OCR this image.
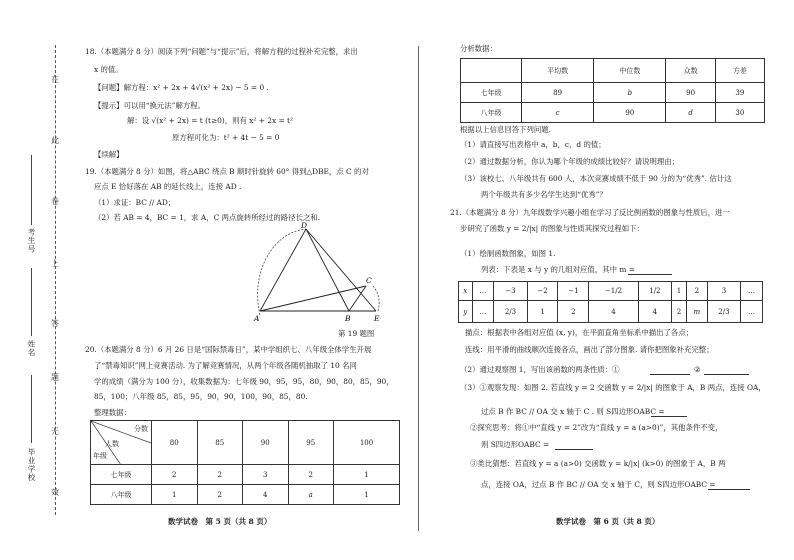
在
此
卷
上
答
题
无
效
考生号
姓名
毕业学校
18.（本题满分 8 分）阅读下列“问题”与“提示”后，将解方程的过程补充完整，求出
x 的值。
【问题】解方程：x² + 2x + 4√(x² + 2x) − 5 = 0 .
【提示】可以用“换元法”解方程。
解：设 √(x² + 2x) = t (t≥0)，则有 x² + 2x = t²
原方程可化为：t² + 4t − 5 = 0
【续解】
19.（本题满分 8 分）如图，将△ABC 绕点 B 顺时针旋转 60° 得到△DBE，点 C 的对
应点 E 恰好落在 AB 的延长线上，连接 AD .
（1）求证：BC // AD；
（2）若 AB = 4，BC = 1，求 A，C 两点旋转所经过的路径长之和.
D
C
A	B	E
第 19 题图
20.（本题满分 8 分）6 月 26 日是“国际禁毒日”，某中学组织七、八年级全体学生开展
了“禁毒知识”网上竞赛活动. 为了解竞赛情况，从两个年级各随机抽取了 10 名同
学的成绩（满分为 100 分），收集数据为：七年级 90，95，95，80，90，80，85，90，
85，100；八年级 85，85，95，90，90，100，90，85，80.
整理数据：
分数
人数
年级	80	85	90	95	100
七年级	2	2	3	2	1
八年级	1	2	4	a	1
数学试卷　第 5 页（共 8 页）
分析数据：
	平均数	中位数	众数	方差
七年级	89	b	90	39
八年级	c	90	d	30
根据以上信息回答下列问题.
（1）请直接写出表格中 a，b，c，d 的值；
（2）通过数据分析，你认为哪个年级的成绩比较好？请说明理由；
（3）该校七、八年级共有 600 人，本次竞赛成绩不低于 90 分的为“优秀”. 估计这
两个年级共有多少名学生达到“优秀”？
21.（本题满分 8 分）九年级数学兴趣小组在学习了反比例函数的图象与性质后，进一
步研究了函数 y = 2/|x| 的图象与性质其探究过程如下：
（1）绘制函数图象，如图 1.
列表：下表是 x 与 y 的几组对应值，其中 m =
x	…	−3	−2	−1	−1/2	1/2	1	2	3	…
y	…	2/3	1	2	4	4	2	m	2/3	…
描点：根据表中各组对应值 (x, y)，在平面直角坐标系中描出了各点；
连线：用平滑的曲线顺次连接各点，画出了部分图象. 请你把图象补充完整；
（2）通过观察图 1，写出该函数的两条性质：①	②
（3）①观察发现：如图 2. 若直线 y = 2 交函数 y = 2/|x| 的图象于 A，B 两点，连接 OA，
过点 B 作 BC // OA 交 x 轴于 C . 则 S四边形OABC =
②探究思考：将①中“直线 y = 2”改为“直线 y = a (a>0)”，其他条件不变，
则 S四边形OABC =
③类比猜想：若直线 y = a (a>0) 交函数 y = k/|x| (k>0) 的图象于 A，B 两
点，连接 OA，过点 B 作 BC // OA 交 x 轴于 C，则 S四边形OABC =
数学试卷　第 6 页（共 8 页）
